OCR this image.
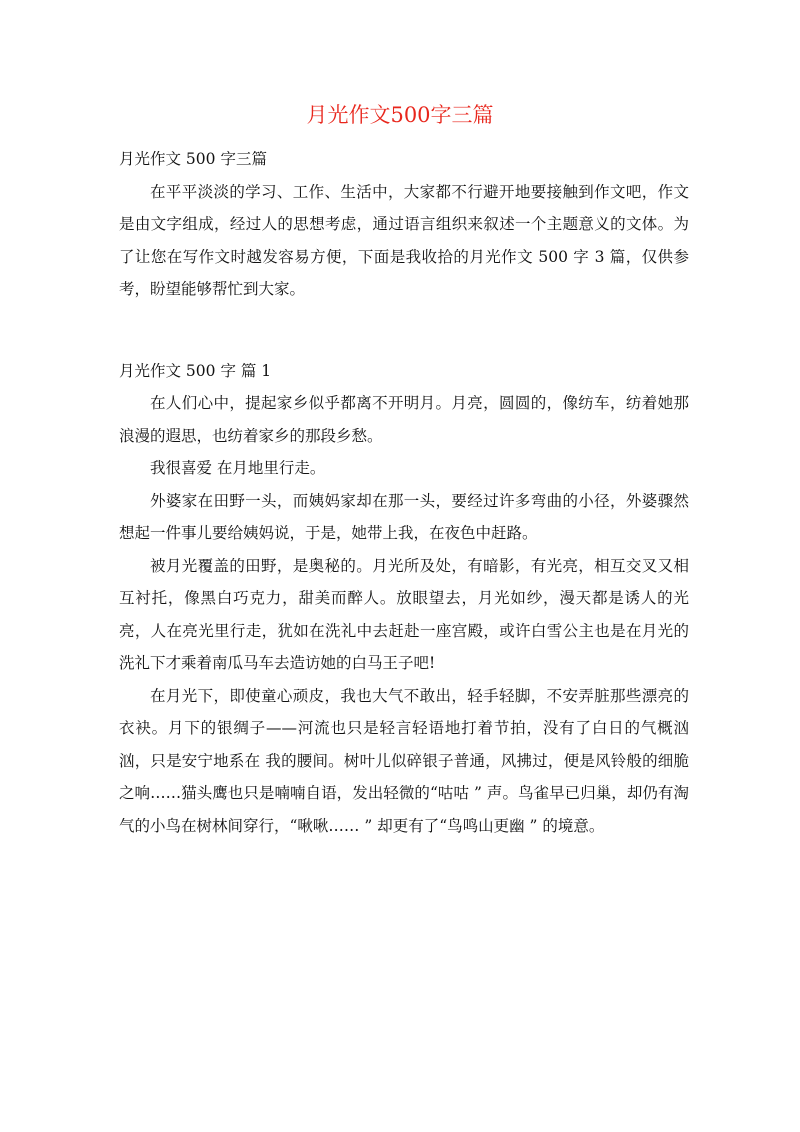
月光作文500字三篇

月光作文 500 字三篇

在平平淡淡的学习、工作、生活中，大家都不行避开地要接触到作文吧，作文是由文字组成，经过人的思想考虑，通过语言组织来叙述一个主题意义的文体。为了让您在写作文时越发容易方便，下面是我收拾的月光作文 500 字 3 篇，仅供参考，盼望能够帮忙到大家。

月光作文 500 字 篇 1

在人们心中，提起家乡似乎都离不开明月。月亮，圆圆的，像纺车，纺着她那浪漫的遐思，也纺着家乡的那段乡愁。

我很喜爱 在月地里行走。

外婆家在田野一头，而姨妈家却在那一头，要经过许多弯曲的小径，外婆骤然想起一件事儿要给姨妈说，于是，她带上我，在夜色中赶路。

被月光覆盖的田野，是奥秘的。月光所及处，有暗影，有光亮，相互交叉又相互衬托，像黑白巧克力，甜美而醉人。放眼望去，月光如纱，漫天都是诱人的光亮，人在亮光里行走，犹如在洗礼中去赶赴一座宫殿，或许白雪公主也是在月光的洗礼下才乘着南瓜马车去造访她的白马王子吧!

在月光下，即使童心顽皮，我也大气不敢出，轻手轻脚，不安弄脏那些漂亮的衣袂。月下的银绸子——河流也只是轻言轻语地打着节拍，没有了白日的气概汹汹，只是安宁地系在 我的腰间。树叶儿似碎银子普通，风拂过，便是风铃般的细脆之响……猫头鹰也只是喃喃自语，发出轻微的“咕咕 ” 声。鸟雀早已归巢，却仍有淘气的小鸟在树林间穿行，“啾啾…… ” 却更有了“鸟鸣山更幽 ” 的境意。
